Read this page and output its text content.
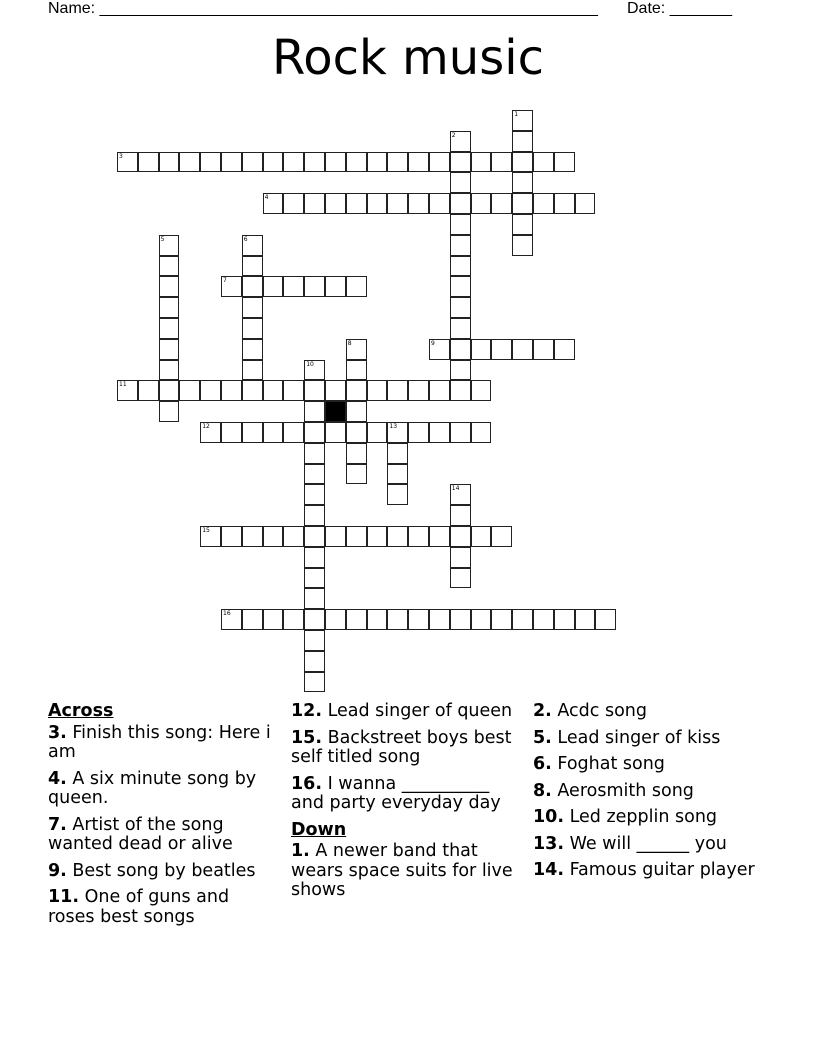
Name: ________________________________________________________ Date: _______
Rock music
1
2
3
4
5	6
7
8	9
10
11
12	13
14
15
16
Across
3. Finish this song: Here i am
4. A six minute song by queen.
7. Artist of the song wanted dead or alive
9. Best song by beatles
11. One of guns and roses best songs
12. Lead singer of queen
15. Backstreet boys best self titled song
16. I wanna __________ and party everyday day
Down
1. A newer band that wears space suits for live shows
2. Acdc song
5. Lead singer of kiss
6. Foghat song
8. Aerosmith song
10. Led zepplin song
13. We will ______ you
14. Famous guitar player
